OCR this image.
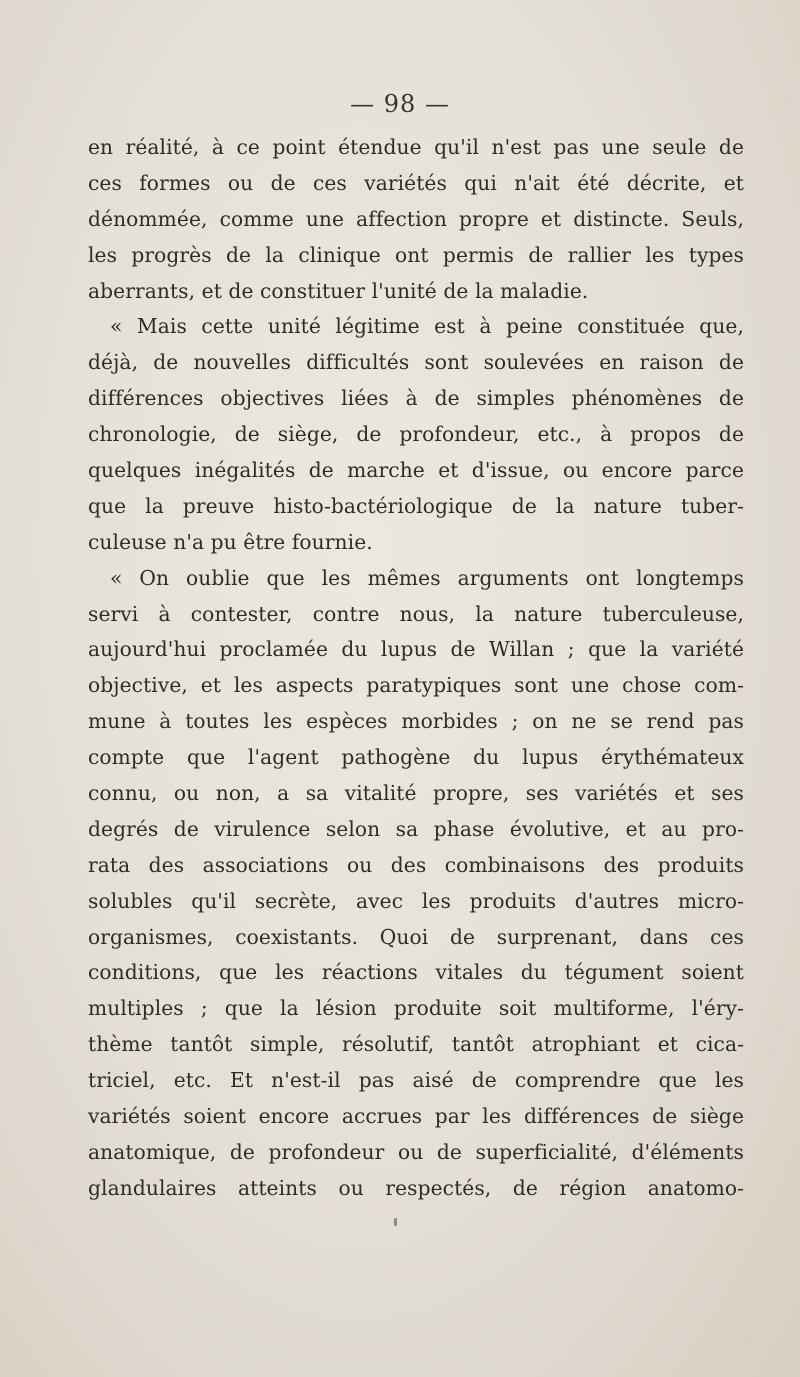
— 98 —
en réalité, à ce point étendue qu'il n'est pas une seule de
ces formes ou de ces variétés qui n'ait été décrite, et
dénommée, comme une affection propre et distincte. Seuls,
les progrès de la clinique ont permis de rallier les types
aberrants, et de constituer l'unité de la maladie.
« Mais cette unité légitime est à peine constituée que,
déjà, de nouvelles difficultés sont soulevées en raison de
différences objectives liées à de simples phénomènes de
chronologie, de siège, de profondeur, etc., à propos de
quelques inégalités de marche et d'issue, ou encore parce
que la preuve histo-bactériologique de la nature tuber-
culeuse n'a pu être fournie.
« On oublie que les mêmes arguments ont longtemps
servi à contester, contre nous, la nature tuberculeuse,
aujourd'hui proclamée du lupus de Willan ; que la variété
objective, et les aspects paratypiques sont une chose com-
mune à toutes les espèces morbides ; on ne se rend pas
compte que l'agent pathogène du lupus érythémateux
connu, ou non, a sa vitalité propre, ses variétés et ses
degrés de virulence selon sa phase évolutive, et au pro-
rata des associations ou des combinaisons des produits
solubles qu'il secrète, avec les produits d'autres micro-
organismes, coexistants. Quoi de surprenant, dans ces
conditions, que les réactions vitales du tégument soient
multiples ; que la lésion produite soit multiforme, l'éry-
thème tantôt simple, résolutif, tantôt atrophiant et cica-
triciel, etc. Et n'est-il pas aisé de comprendre que les
variétés soient encore accrues par les différences de siège
anatomique, de profondeur ou de superficialité, d'éléments
glandulaires atteints ou respectés, de région anatomo-
